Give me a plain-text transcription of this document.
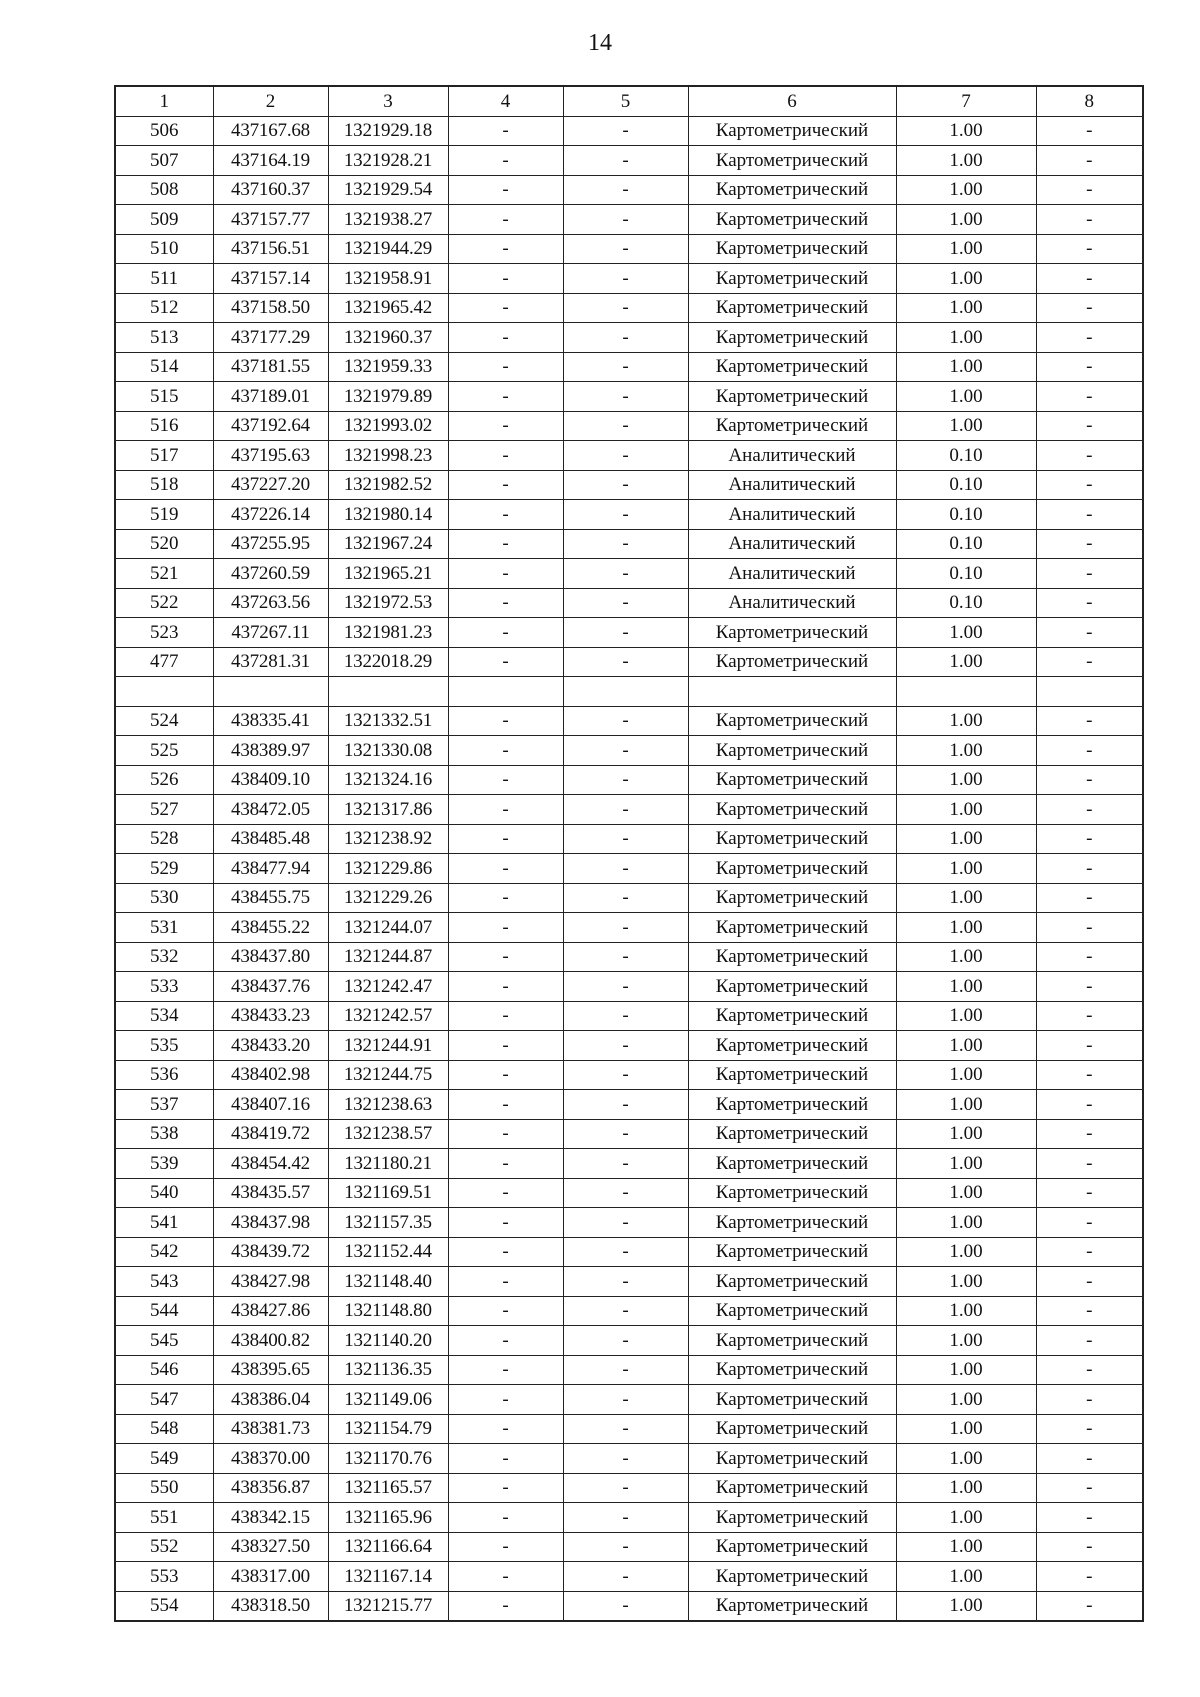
14
1	2	3	4	5	6	7	8
506	437167.68	1321929.18	-	-	Картометрический	1.00	-
507	437164.19	1321928.21	-	-	Картометрический	1.00	-
508	437160.37	1321929.54	-	-	Картометрический	1.00	-
509	437157.77	1321938.27	-	-	Картометрический	1.00	-
510	437156.51	1321944.29	-	-	Картометрический	1.00	-
511	437157.14	1321958.91	-	-	Картометрический	1.00	-
512	437158.50	1321965.42	-	-	Картометрический	1.00	-
513	437177.29	1321960.37	-	-	Картометрический	1.00	-
514	437181.55	1321959.33	-	-	Картометрический	1.00	-
515	437189.01	1321979.89	-	-	Картометрический	1.00	-
516	437192.64	1321993.02	-	-	Картометрический	1.00	-
517	437195.63	1321998.23	-	-	Аналитический	0.10	-
518	437227.20	1321982.52	-	-	Аналитический	0.10	-
519	437226.14	1321980.14	-	-	Аналитический	0.10	-
520	437255.95	1321967.24	-	-	Аналитический	0.10	-
521	437260.59	1321965.21	-	-	Аналитический	0.10	-
522	437263.56	1321972.53	-	-	Аналитический	0.10	-
523	437267.11	1321981.23	-	-	Картометрический	1.00	-
477	437281.31	1322018.29	-	-	Картометрический	1.00	-

524	438335.41	1321332.51	-	-	Картометрический	1.00	-
525	438389.97	1321330.08	-	-	Картометрический	1.00	-
526	438409.10	1321324.16	-	-	Картометрический	1.00	-
527	438472.05	1321317.86	-	-	Картометрический	1.00	-
528	438485.48	1321238.92	-	-	Картометрический	1.00	-
529	438477.94	1321229.86	-	-	Картометрический	1.00	-
530	438455.75	1321229.26	-	-	Картометрический	1.00	-
531	438455.22	1321244.07	-	-	Картометрический	1.00	-
532	438437.80	1321244.87	-	-	Картометрический	1.00	-
533	438437.76	1321242.47	-	-	Картометрический	1.00	-
534	438433.23	1321242.57	-	-	Картометрический	1.00	-
535	438433.20	1321244.91	-	-	Картометрический	1.00	-
536	438402.98	1321244.75	-	-	Картометрический	1.00	-
537	438407.16	1321238.63	-	-	Картометрический	1.00	-
538	438419.72	1321238.57	-	-	Картометрический	1.00	-
539	438454.42	1321180.21	-	-	Картометрический	1.00	-
540	438435.57	1321169.51	-	-	Картометрический	1.00	-
541	438437.98	1321157.35	-	-	Картометрический	1.00	-
542	438439.72	1321152.44	-	-	Картометрический	1.00	-
543	438427.98	1321148.40	-	-	Картометрический	1.00	-
544	438427.86	1321148.80	-	-	Картометрический	1.00	-
545	438400.82	1321140.20	-	-	Картометрический	1.00	-
546	438395.65	1321136.35	-	-	Картометрический	1.00	-
547	438386.04	1321149.06	-	-	Картометрический	1.00	-
548	438381.73	1321154.79	-	-	Картометрический	1.00	-
549	438370.00	1321170.76	-	-	Картометрический	1.00	-
550	438356.87	1321165.57	-	-	Картометрический	1.00	-
551	438342.15	1321165.96	-	-	Картометрический	1.00	-
552	438327.50	1321166.64	-	-	Картометрический	1.00	-
553	438317.00	1321167.14	-	-	Картометрический	1.00	-
554	438318.50	1321215.77	-	-	Картометрический	1.00	-
